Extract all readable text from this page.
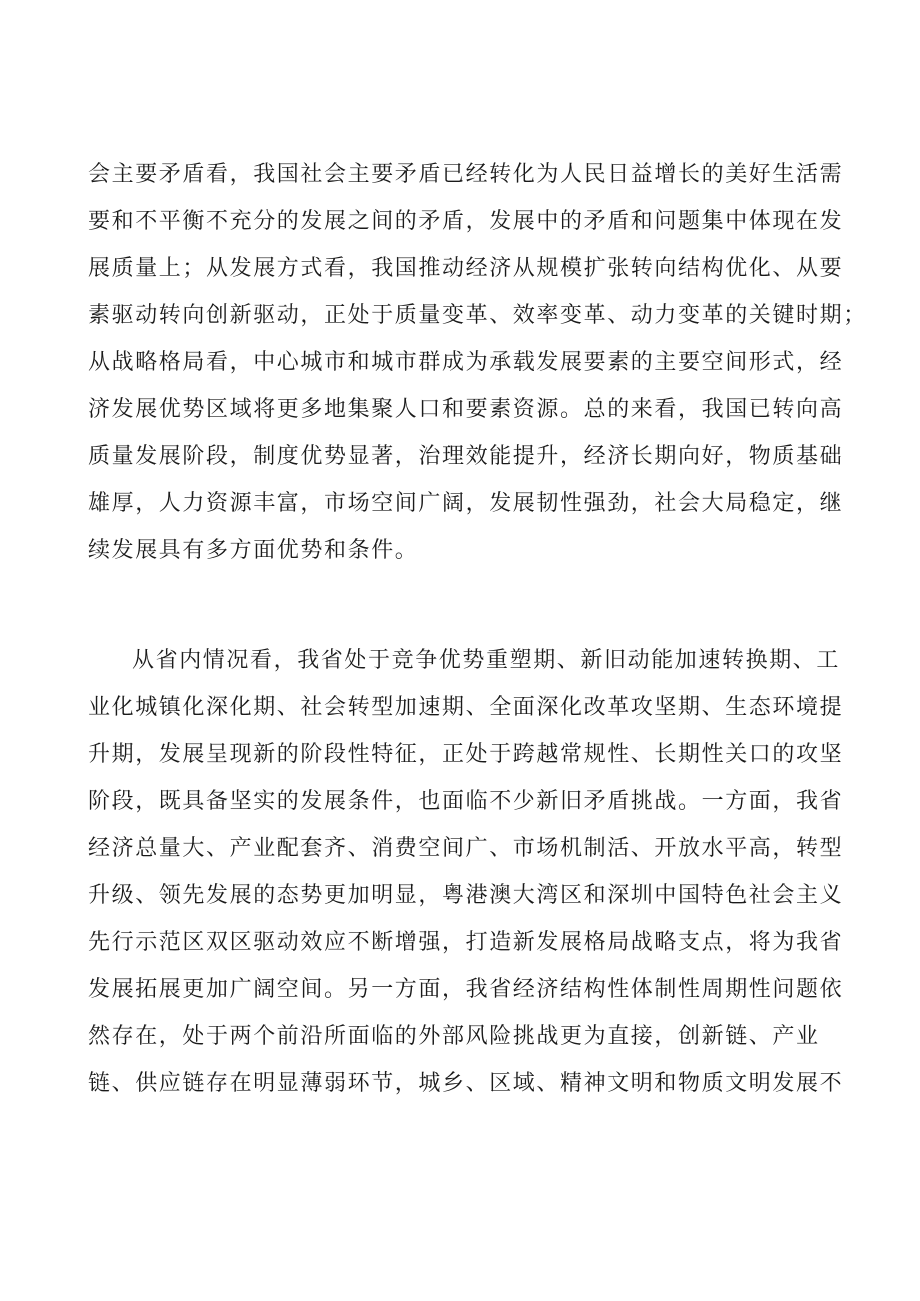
会主要矛盾看，我国社会主要矛盾已经转化为人民日益增长的美好生活需
要和不平衡不充分的发展之间的矛盾，发展中的矛盾和问题集中体现在发
展质量上；从发展方式看，我国推动经济从规模扩张转向结构优化、从要
素驱动转向创新驱动，正处于质量变革、效率变革、动力变革的关键时期；
从战略格局看，中心城市和城市群成为承载发展要素的主要空间形式，经
济发展优势区域将更多地集聚人口和要素资源。总的来看，我国已转向高
质量发展阶段，制度优势显著，治理效能提升，经济长期向好，物质基础
雄厚，人力资源丰富，市场空间广阔，发展韧性强劲，社会大局稳定，继
续发展具有多方面优势和条件。
从省内情况看，我省处于竞争优势重塑期、新旧动能加速转换期、工
业化城镇化深化期、社会转型加速期、全面深化改革攻坚期、生态环境提
升期，发展呈现新的阶段性特征，正处于跨越常规性、长期性关口的攻坚
阶段，既具备坚实的发展条件，也面临不少新旧矛盾挑战。一方面，我省
经济总量大、产业配套齐、消费空间广、市场机制活、开放水平高，转型
升级、领先发展的态势更加明显，粤港澳大湾区和深圳中国特色社会主义
先行示范区双区驱动效应不断增强，打造新发展格局战略支点，将为我省
发展拓展更加广阔空间。另一方面，我省经济结构性体制性周期性问题依
然存在，处于两个前沿所面临的外部风险挑战更为直接，创新链、产业
链、供应链存在明显薄弱环节，城乡、区域、精神文明和物质文明发展不
